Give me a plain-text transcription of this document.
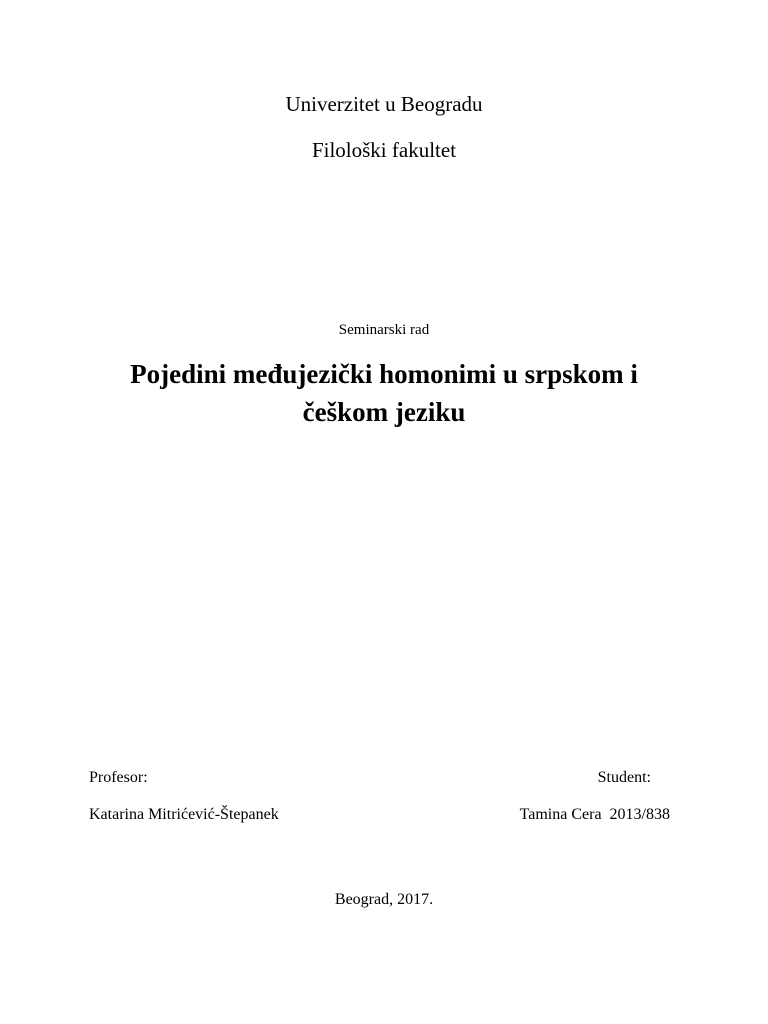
Univerzitet u Beogradu
Filološki fakultet
Seminarski rad
Pojedini međujezički homonimi u srpskom i
češkom jeziku
Profesor:	Student:
Katarina Mitrićević-Štepanek	Tamina Cera  2013/838
Beograd, 2017.
